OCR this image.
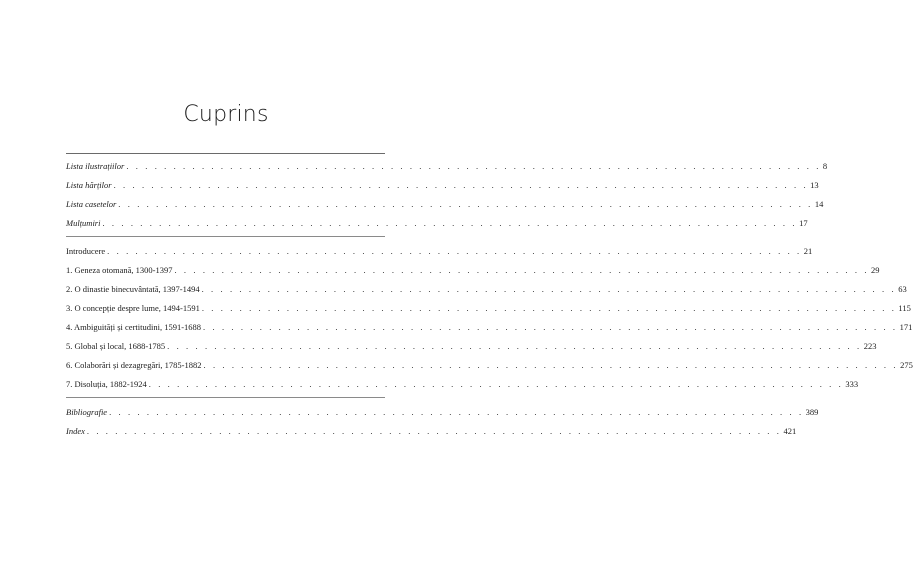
Cuprins
Lista ilustrațiilor . . . . . . . . . . . . . . . . . . . . . . . . . . . . . . . . . . . . . . . . . . . . . . . . . . . . . . . . . . . . . . . . . . . . . . . . . . 8
Lista hărților . . . . . . . . . . . . . . . . . . . . . . . . . . . . . . . . . . . . . . . . . . . . . . . . . . . . . . . . . . . . . . . . . . . . . . . . . . 13
Lista casetelor . . . . . . . . . . . . . . . . . . . . . . . . . . . . . . . . . . . . . . . . . . . . . . . . . . . . . . . . . . . . . . . . . . . . . . . . . . 14
Mulțumiri . . . . . . . . . . . . . . . . . . . . . . . . . . . . . . . . . . . . . . . . . . . . . . . . . . . . . . . . . . . . . . . . . . . . . . . . . . 17
Introducere . . . . . . . . . . . . . . . . . . . . . . . . . . . . . . . . . . . . . . . . . . . . . . . . . . . . . . . . . . . . . . . . . . . . . . . . . . 21
1. Geneza otomană, 1300-1397 . . . . . . . . . . . . . . . . . . . . . . . . . . . . . . . . . . . . . . . . . . . . . . . . . . . . . . . . . . . . . . . . . . . . . . . . . . 29
2. O dinastie binecuvântată, 1397-1494 . . . . . . . . . . . . . . . . . . . . . . . . . . . . . . . . . . . . . . . . . . . . . . . . . . . . . . . . . . . . . . . . . . . . . . . . . . 63
3. O concepție despre lume, 1494-1591 . . . . . . . . . . . . . . . . . . . . . . . . . . . . . . . . . . . . . . . . . . . . . . . . . . . . . . . . . . . . . . . . . . . . . . . . . . 115
4. Ambiguități și certitudini, 1591-1688 . . . . . . . . . . . . . . . . . . . . . . . . . . . . . . . . . . . . . . . . . . . . . . . . . . . . . . . . . . . . . . . . . . . . . . . . . . 171
5. Global și local, 1688-1785 . . . . . . . . . . . . . . . . . . . . . . . . . . . . . . . . . . . . . . . . . . . . . . . . . . . . . . . . . . . . . . . . . . . . . . . . . . 223
6. Colaborări și dezagregări, 1785-1882 . . . . . . . . . . . . . . . . . . . . . . . . . . . . . . . . . . . . . . . . . . . . . . . . . . . . . . . . . . . . . . . . . . . . . . . . . . 275
7. Disoluția, 1882-1924 . . . . . . . . . . . . . . . . . . . . . . . . . . . . . . . . . . . . . . . . . . . . . . . . . . . . . . . . . . . . . . . . . . . . . . . . . . 333
Bibliografie . . . . . . . . . . . . . . . . . . . . . . . . . . . . . . . . . . . . . . . . . . . . . . . . . . . . . . . . . . . . . . . . . . . . . . . . . . 389
Index . . . . . . . . . . . . . . . . . . . . . . . . . . . . . . . . . . . . . . . . . . . . . . . . . . . . . . . . . . . . . . . . . . . . . . . . . . 421
